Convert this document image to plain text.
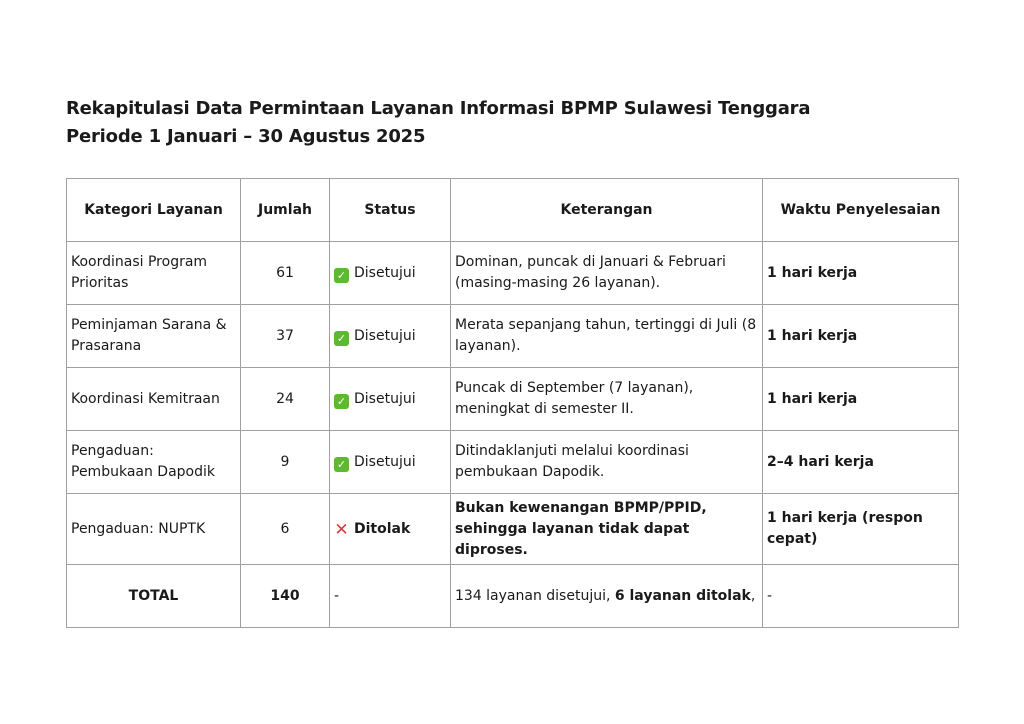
Rekapitulasi Data Permintaan Layanan Informasi BPMP Sulawesi Tenggara
Periode 1 Januari – 30 Agustus 2025
Kategori Layanan	Jumlah	Status	Keterangan	Waktu Penyelesaian
Koordinasi Program Prioritas	61	✓ Disetujui	Dominan, puncak di Januari & Februari (masing-masing 26 layanan).	1 hari kerja
Peminjaman Sarana & Prasarana	37	✓ Disetujui	Merata sepanjang tahun, tertinggi di Juli (8 layanan).	1 hari kerja
Koordinasi Kemitraan	24	✓ Disetujui	Puncak di September (7 layanan), meningkat di semester II.	1 hari kerja
Pengaduan: Pembukaan Dapodik	9	✓ Disetujui	Ditindaklanjuti melalui koordinasi pembukaan Dapodik.	2–4 hari kerja
Pengaduan: NUPTK	6	✕ Ditolak	Bukan kewenangan BPMP/PPID, sehingga layanan tidak dapat diproses.	1 hari kerja (respon cepat)
TOTAL	140	-	134 layanan disetujui, 6 layanan ditolak,	-
